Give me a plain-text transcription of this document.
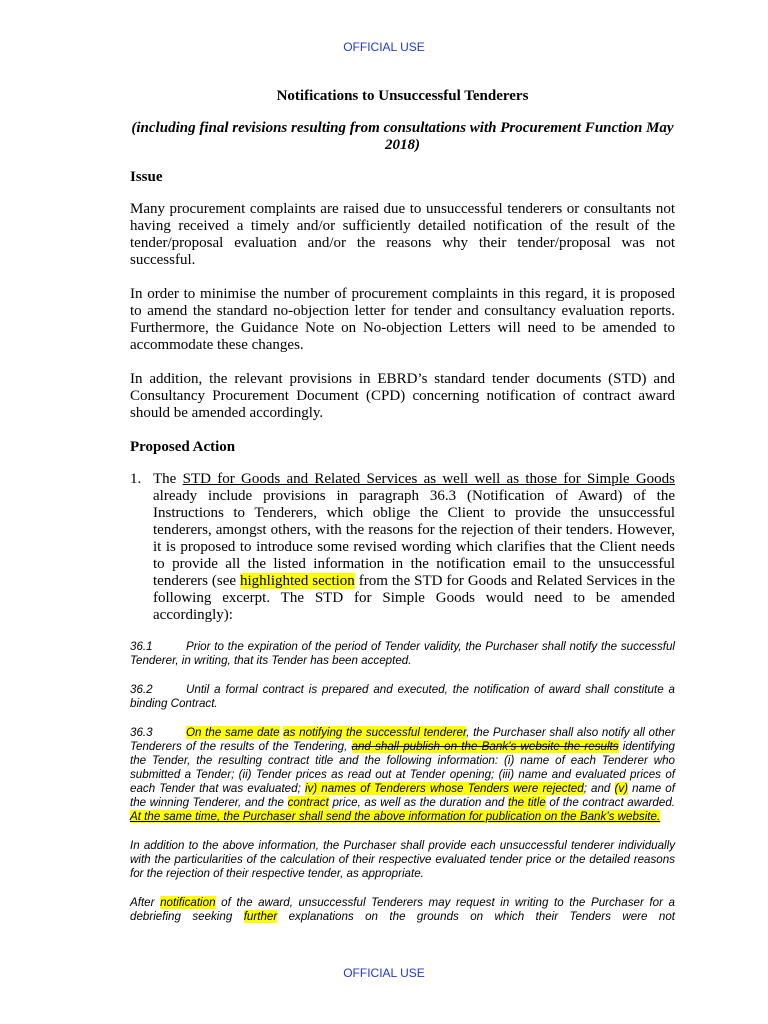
OFFICIAL USE
Notifications to Unsuccessful Tenderers
(including final revisions resulting from consultations with Procurement Function May 2018)
Issue
Many procurement complaints are raised due to unsuccessful tenderers or consultants not having received a timely and/or sufficiently detailed notification of the result of the tender/proposal evaluation and/or the reasons why their tender/proposal was not successful.
In order to minimise the number of procurement complaints in this regard, it is proposed to amend the standard no-objection letter for tender and consultancy evaluation reports. Furthermore, the Guidance Note on No-objection Letters will need to be amended to accommodate these changes.
In addition, the relevant provisions in EBRD’s standard tender documents (STD) and Consultancy Procurement Document (CPD) concerning notification of contract award should be amended accordingly.
Proposed Action
1. The STD for Goods and Related Services as well well as those for Simple Goods already include provisions in paragraph 36.3 (Notification of Award) of the Instructions to Tenderers, which oblige the Client to provide the unsuccessful tenderers, amongst others, with the reasons for the rejection of their tenders. However, it is proposed to introduce some revised wording which clarifies that the Client needs to provide all the listed information in the notification email to the unsuccessful tenderers (see highlighted section from the STD for Goods and Related Services in the following excerpt. The STD for Simple Goods would need to be amended accordingly):
36.1	Prior to the expiration of the period of Tender validity, the Purchaser shall notify the successful Tenderer, in writing, that its Tender has been accepted.
36.2	Until a formal contract is prepared and executed, the notification of award shall constitute a binding Contract.
36.3	On the same date as notifying the successful tenderer, the Purchaser shall also notify all other Tenderers of the results of the Tendering, and shall publish on the Bank’s website the results identifying the Tender, the resulting contract title and the following information: (i) name of each Tenderer who submitted a Tender; (ii) Tender prices as read out at Tender opening; (iii) name and evaluated prices of each Tender that was evaluated; iv) names of Tenderers whose Tenders were rejected; and (v) name of the winning Tenderer, and the contract price, as well as the duration and the title of the contract awarded. At the same time, the Purchaser shall send the above information for publication on the Bank’s website.
In addition to the above information, the Purchaser shall provide each unsuccessful tenderer individually with the particularities of the calculation of their respective evaluated tender price or the detailed reasons for the rejection of their respective tender, as appropriate.
After notification of the award, unsuccessful Tenderers may request in writing to the Purchaser for a debriefing seeking further explanations on the grounds on which their Tenders were not
OFFICIAL USE
